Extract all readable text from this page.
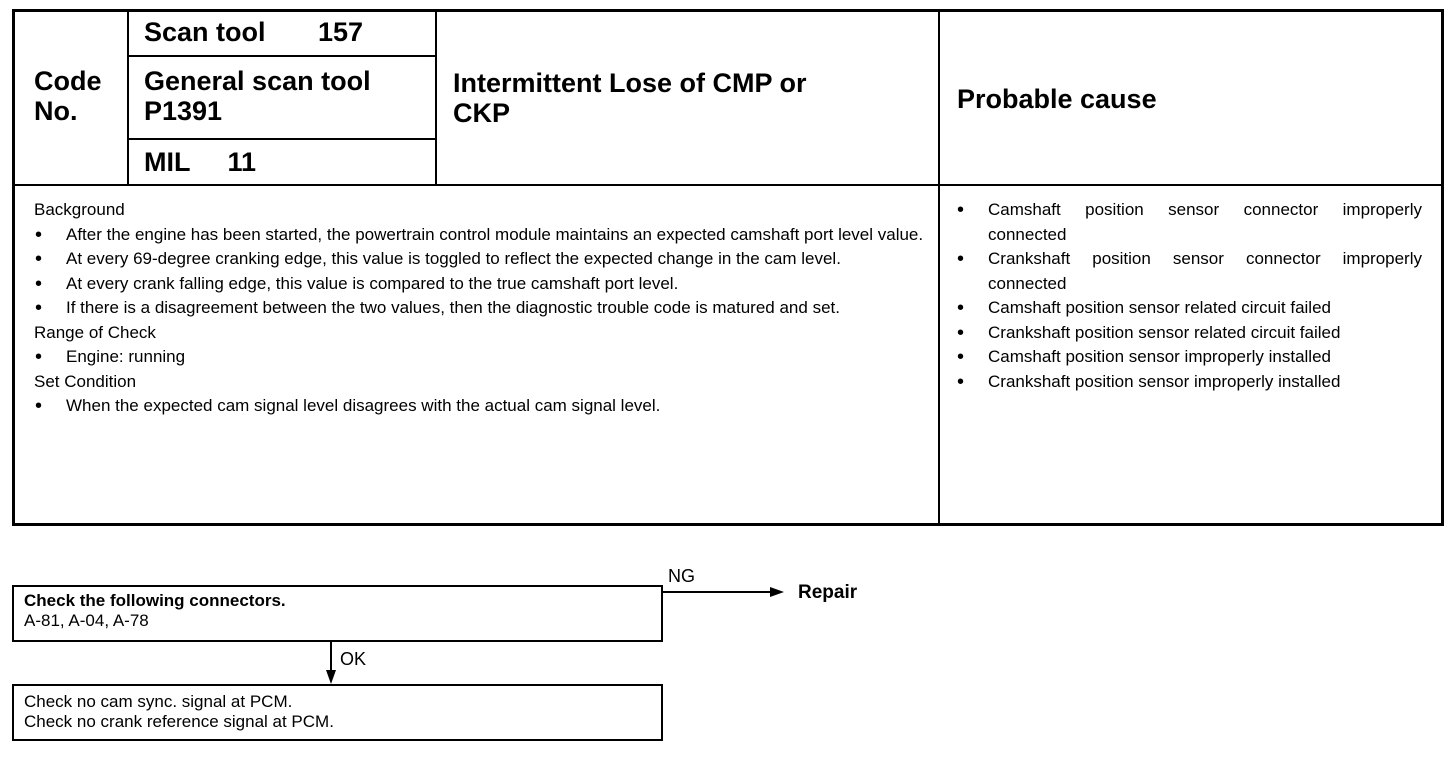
Code
No.
Scan tool       157
General scan tool
P1391
MIL     11
Intermittent Lose of CMP or
CKP	Probable cause
Background
• After the engine has been started, the powertrain control module maintains an expected camshaft port level value.
• At every 69-degree cranking edge, this value is toggled to reflect the expected change in the cam level.
• At every crank falling edge, this value is compared to the true camshaft port level.
• If there is a disagreement between the two values, then the diagnostic trouble code is matured and set.
Range of Check
• Engine: running
Set Condition
• When the expected cam signal level disagrees with the actual cam signal level.
• Camshaft position sensor connector improperly connected
• Crankshaft position sensor connector improperly connected
• Camshaft position sensor related circuit failed
• Crankshaft position sensor related circuit failed
• Camshaft position sensor improperly installed
• Crankshaft position sensor improperly installed
Check the following connectors.
A-81, A-04, A-78
NG
Repair
OK
Check no cam sync. signal at PCM.
Check no crank reference signal at PCM.
